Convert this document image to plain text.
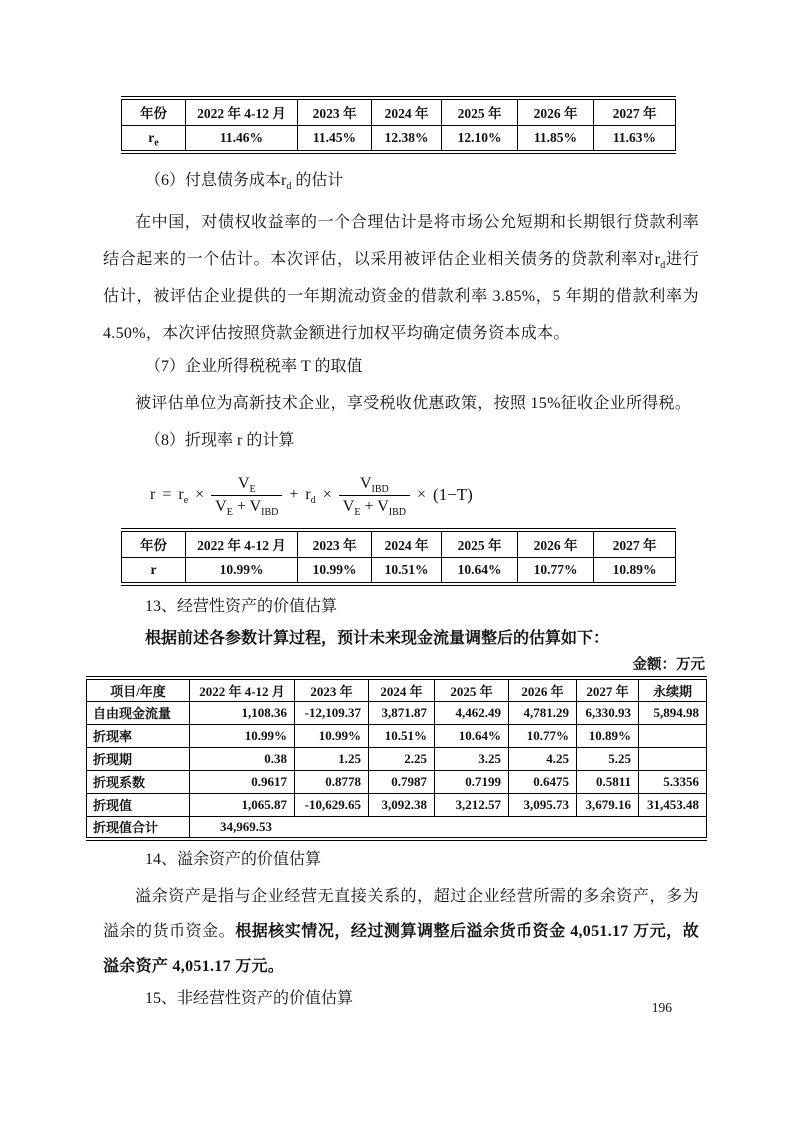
年份	2022 年 4-12 月	2023 年	2024 年	2025 年	2026 年	2027 年
$r_e$	11.46%	11.45%	12.38%	12.10%	11.85%	11.63%
（6）付息债务成本$r_d$ 的估计
在中国，对债权收益率的一个合理估计是将市场公允短期和长期银行贷款利率结合起来的一个估计。本次评估，以采用被评估企业相关债务的贷款利率对$r_d$进行估计，被评估企业提供的一年期流动资金的借款利率 3.85%，5 年期的借款利率为 4.50%，本次评估按照贷款金额进行加权平均确定债务资本成本。
（7）企业所得税税率 T 的取值
被评估单位为高新技术企业，享受税收优惠政策，按照 15%征收企业所得税。
（8）折现率 r 的计算
$r = r_e \times \frac{V_E}{V_E + V_{IBD}} + r_d \times \frac{V_{IBD}}{V_E + V_{IBD}} \times (1-T)$
年份	2022 年 4-12 月	2023 年	2024 年	2025 年	2026 年	2027 年
r	10.99%	10.99%	10.51%	10.64%	10.77%	10.89%
13、经营性资产的价值估算
根据前述各参数计算过程，预计未来现金流量调整后的估算如下：
金额：万元
项目/年度	2022 年 4-12 月	2023 年	2024 年	2025 年	2026 年	2027 年	永续期
自由现金流量	1,108.36	-12,109.37	3,871.87	4,462.49	4,781.29	6,330.93	5,894.98
折现率	10.99%	10.99%	10.51%	10.64%	10.77%	10.89%	
折现期	0.38	1.25	2.25	3.25	4.25	5.25	
折现系数	0.9617	0.8778	0.7987	0.7199	0.6475	0.5811	5.3356
折现值	1,065.87	-10,629.65	3,092.38	3,212.57	3,095.73	3,679.16	31,453.48
折现值合计	34,969.53						
14、溢余资产的价值估算
溢余资产是指与企业经营无直接关系的，超过企业经营所需的多余资产，多为溢余的货币资金。根据核实情况，经过测算调整后溢余货币资金 4,051.17 万元，故溢余资产 4,051.17 万元。
15、非经营性资产的价值估算
196
